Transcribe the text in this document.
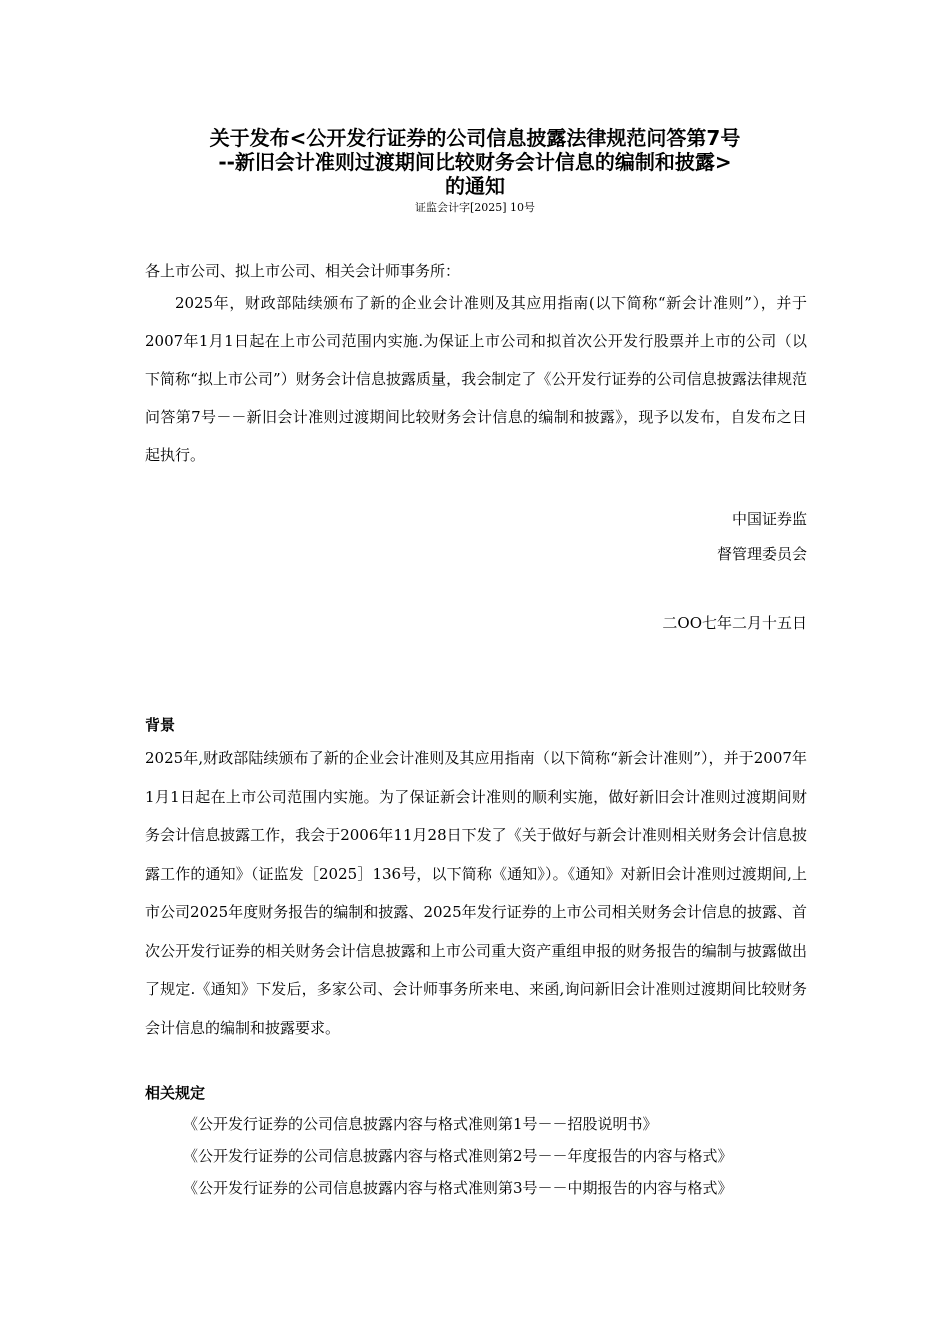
关于发布<公开发行证券的公司信息披露法律规范问答第7号
--新旧会计准则过渡期间比较财务会计信息的编制和披露>
的通知
证监会计字[2025] 10号
各上市公司、拟上市公司、相关会计师事务所：
2025年，财政部陆续颁布了新的企业会计准则及其应用指南(以下简称“新会计准则”），并于2007年1月1日起在上市公司范围内实施.为保证上市公司和拟首次公开发行股票并上市的公司（以下简称“拟上市公司”）财务会计信息披露质量，我会制定了《公开发行证券的公司信息披露法律规范问答第7号－－新旧会计准则过渡期间比较财务会计信息的编制和披露》，现予以发布，自发布之日起执行。
中国证券监
督管理委员会
二OO七年二月十五日
背景
2025年,财政部陆续颁布了新的企业会计准则及其应用指南（以下简称“新会计准则”），并于2007年1月1日起在上市公司范围内实施。为了保证新会计准则的顺利实施，做好新旧会计准则过渡期间财务会计信息披露工作，我会于2006年11月28日下发了《关于做好与新会计准则相关财务会计信息披露工作的通知》（证监发［2025］136号，以下简称《通知》）。《通知》对新旧会计准则过渡期间,上市公司2025年度财务报告的编制和披露、2025年发行证券的上市公司相关财务会计信息的披露、首次公开发行证券的相关财务会计信息披露和上市公司重大资产重组申报的财务报告的编制与披露做出了规定.《通知》下发后，多家公司、会计师事务所来电、来函,询问新旧会计准则过渡期间比较财务会计信息的编制和披露要求。
相关规定
《公开发行证券的公司信息披露内容与格式准则第1号－－招股说明书》
《公开发行证券的公司信息披露内容与格式准则第2号－－年度报告的内容与格式》
《公开发行证券的公司信息披露内容与格式准则第3号－－中期报告的内容与格式》
